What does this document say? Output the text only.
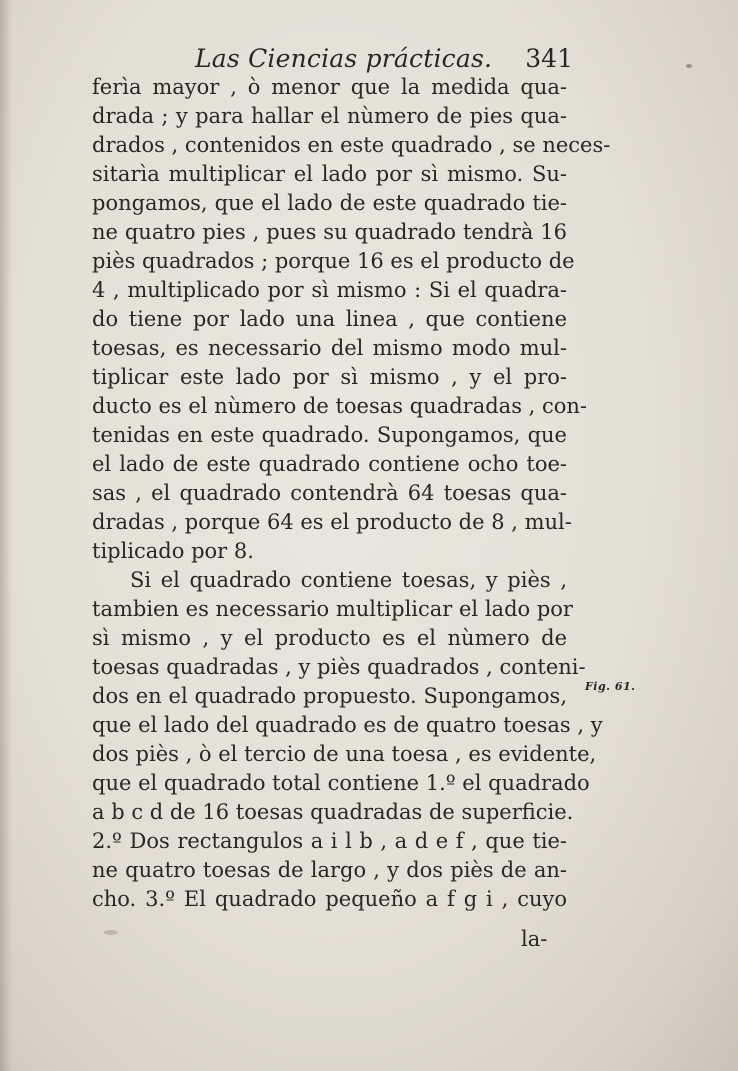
Las Ciencias prácticas. 341
ferìa mayor , ò menor que la medida qua-
drada ; y para hallar el nùmero de pies qua-
drados , contenidos en este quadrado , se neces-
sitarìa multiplicar el lado por sì mismo. Su-
pongamos, que el lado de este quadrado tie-
ne quatro pies , pues su quadrado tendrà 16
piès quadrados ; porque 16 es el producto de
4 , multiplicado por sì mismo : Si el quadra-
do tiene por lado una linea , que contiene
toesas, es necessario del mismo modo mul-
tiplicar este lado por sì mismo , y el pro-
ducto es el nùmero de toesas quadradas , con-
tenidas en este quadrado. Supongamos, que
el lado de este quadrado contiene ocho toe-
sas , el quadrado contendrà 64 toesas qua-
dradas , porque 64 es el producto de 8 , mul-
tiplicado por 8.
Si el quadrado contiene toesas, y piès ,
tambien es necessario multiplicar el lado por
sì mismo , y el producto es el nùmero de
toesas quadradas , y piès quadrados , conteni-
dos en el quadrado propuesto. Supongamos,
que el lado del quadrado es de quatro toesas , y
dos piès , ò el tercio de una toesa , es evidente,
que el quadrado total contiene 1.º el quadrado
a b c d de 16 toesas quadradas de superficie.
2.º Dos rectangulos a i l b , a d e f , que tie-
ne quatro toesas de largo , y dos piès de an-
cho. 3.º El quadrado pequeño a f g i , cuyo
Fig. 61.
la-
